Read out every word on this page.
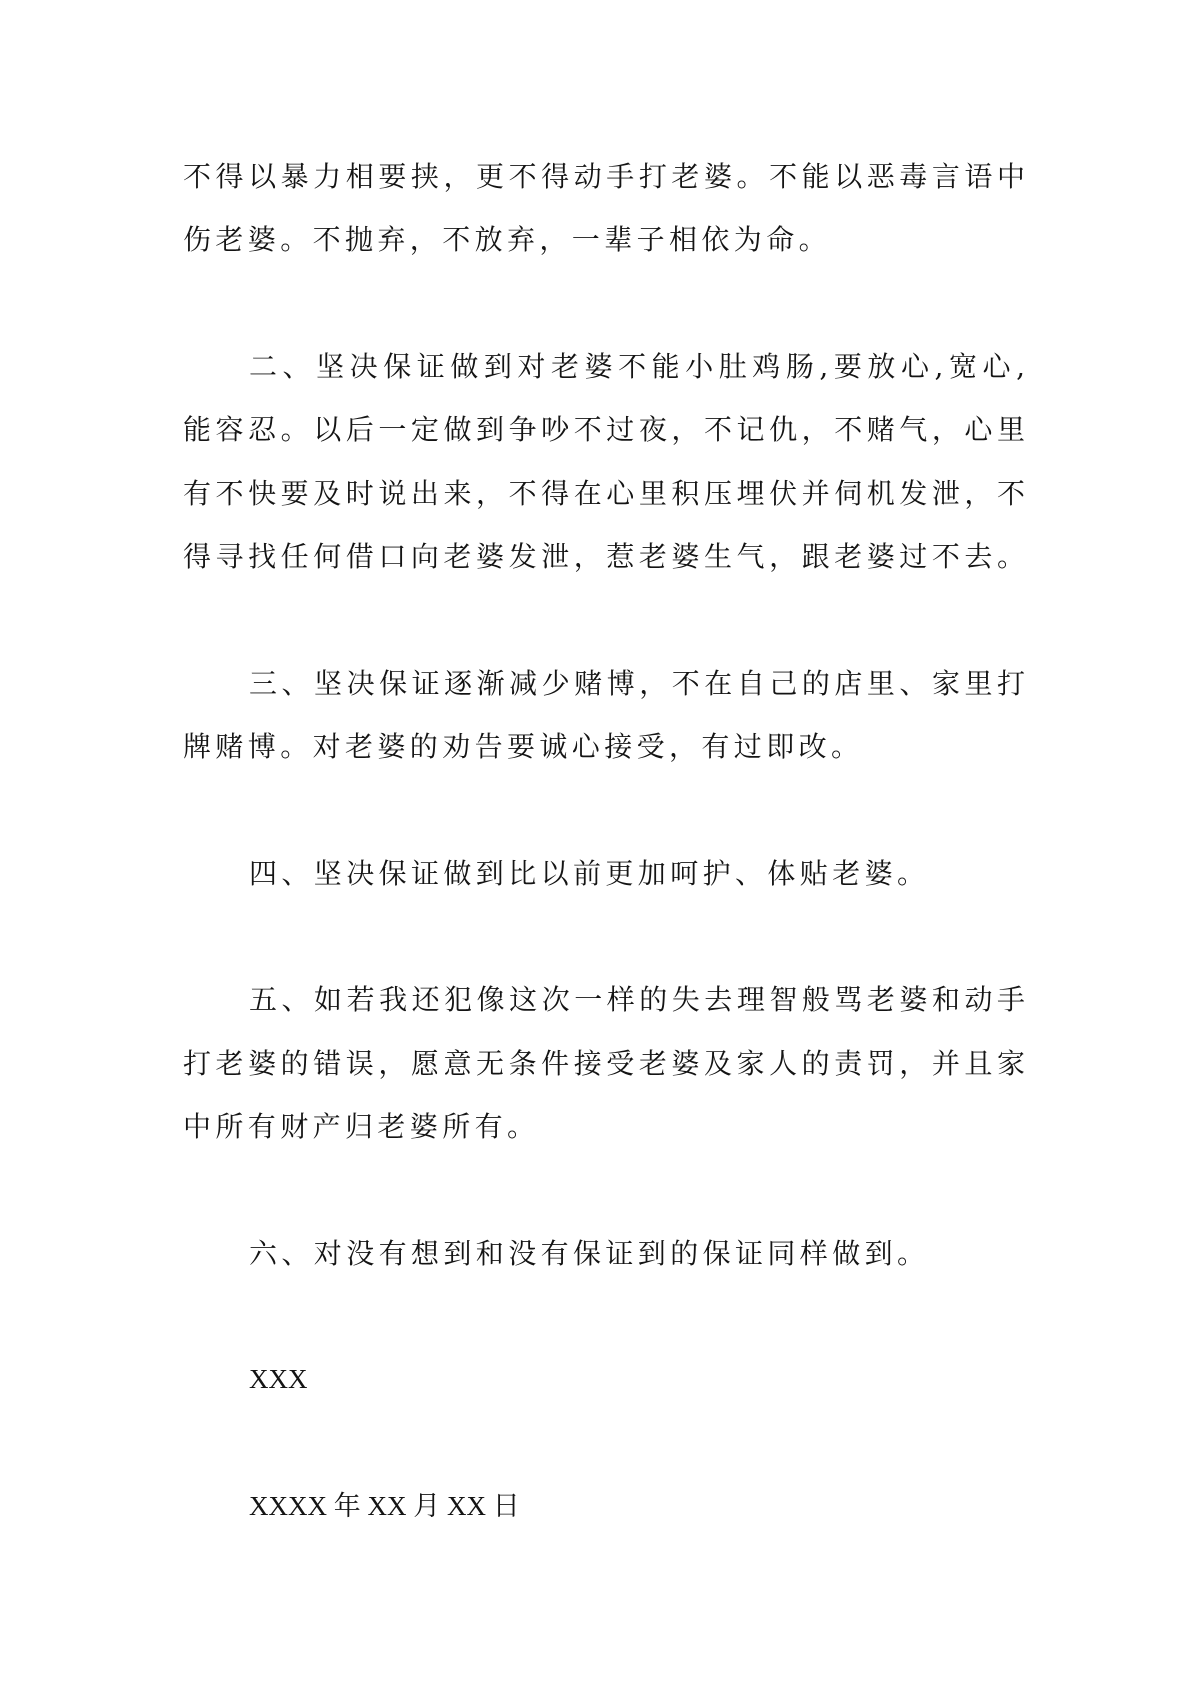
不得以暴力相要挟，更不得动手打老婆。不能以恶毒言语中
伤老婆。不抛弃，不放弃，一辈子相依为命。
二、坚决保证做到对老婆不能小肚鸡肠,要放心,宽心,
能容忍。以后一定做到争吵不过夜，不记仇，不赌气，心里
有不快要及时说出来，不得在心里积压埋伏并伺机发泄，不
得寻找任何借口向老婆发泄，惹老婆生气，跟老婆过不去。
三、坚决保证逐渐减少赌博，不在自己的店里、家里打
牌赌博。对老婆的劝告要诚心接受，有过即改。
四、坚决保证做到比以前更加呵护、体贴老婆。
五、如若我还犯像这次一样的失去理智般骂老婆和动手
打老婆的错误，愿意无条件接受老婆及家人的责罚，并且家
中所有财产归老婆所有。
六、对没有想到和没有保证到的保证同样做到。
XXX
XXXX 年 XX 月 XX 日
